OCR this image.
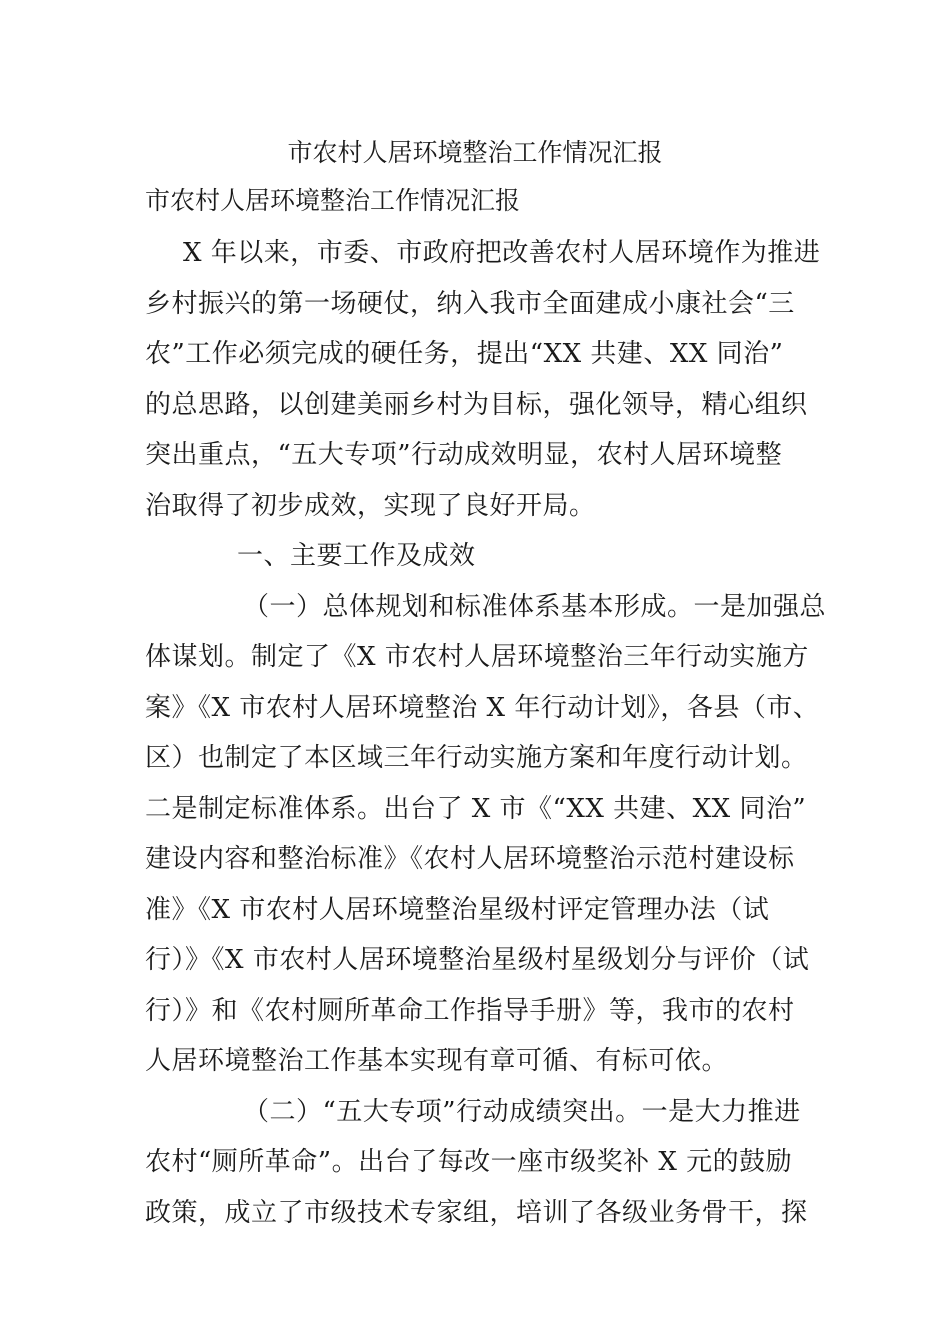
市农村人居环境整治工作情况汇报
市农村人居环境整治工作情况汇报
X 年以来，市委、市政府把改善农村人居环境作为推进
乡村振兴的第一场硬仗，纳入我市全面建成小康社会“三
农”工作必须完成的硬任务，提出“XX 共建、XX 同治”
的总思路，以创建美丽乡村为目标，强化领导，精心组织
突出重点，“五大专项”行动成效明显，农村人居环境整
治取得了初步成效，实现了良好开局。
一、主要工作及成效
（一）总体规划和标准体系基本形成。一是加强总
体谋划。制定了《X 市农村人居环境整治三年行动实施方
案》《X 市农村人居环境整治 X 年行动计划》，各县（市、
区）也制定了本区域三年行动实施方案和年度行动计划。
二是制定标准体系。出台了 X 市《“XX 共建、XX 同治”
建设内容和整治标准》《农村人居环境整治示范村建设标
准》《X 市农村人居环境整治星级村评定管理办法（试
行）》《X 市农村人居环境整治星级村星级划分与评价（试
行）》和《农村厕所革命工作指导手册》等，我市的农村
人居环境整治工作基本实现有章可循、有标可依。
（二）“五大专项”行动成绩突出。一是大力推进
农村“厕所革命”。出台了每改一座市级奖补 X 元的鼓励
政策，成立了市级技术专家组，培训了各级业务骨干，探
